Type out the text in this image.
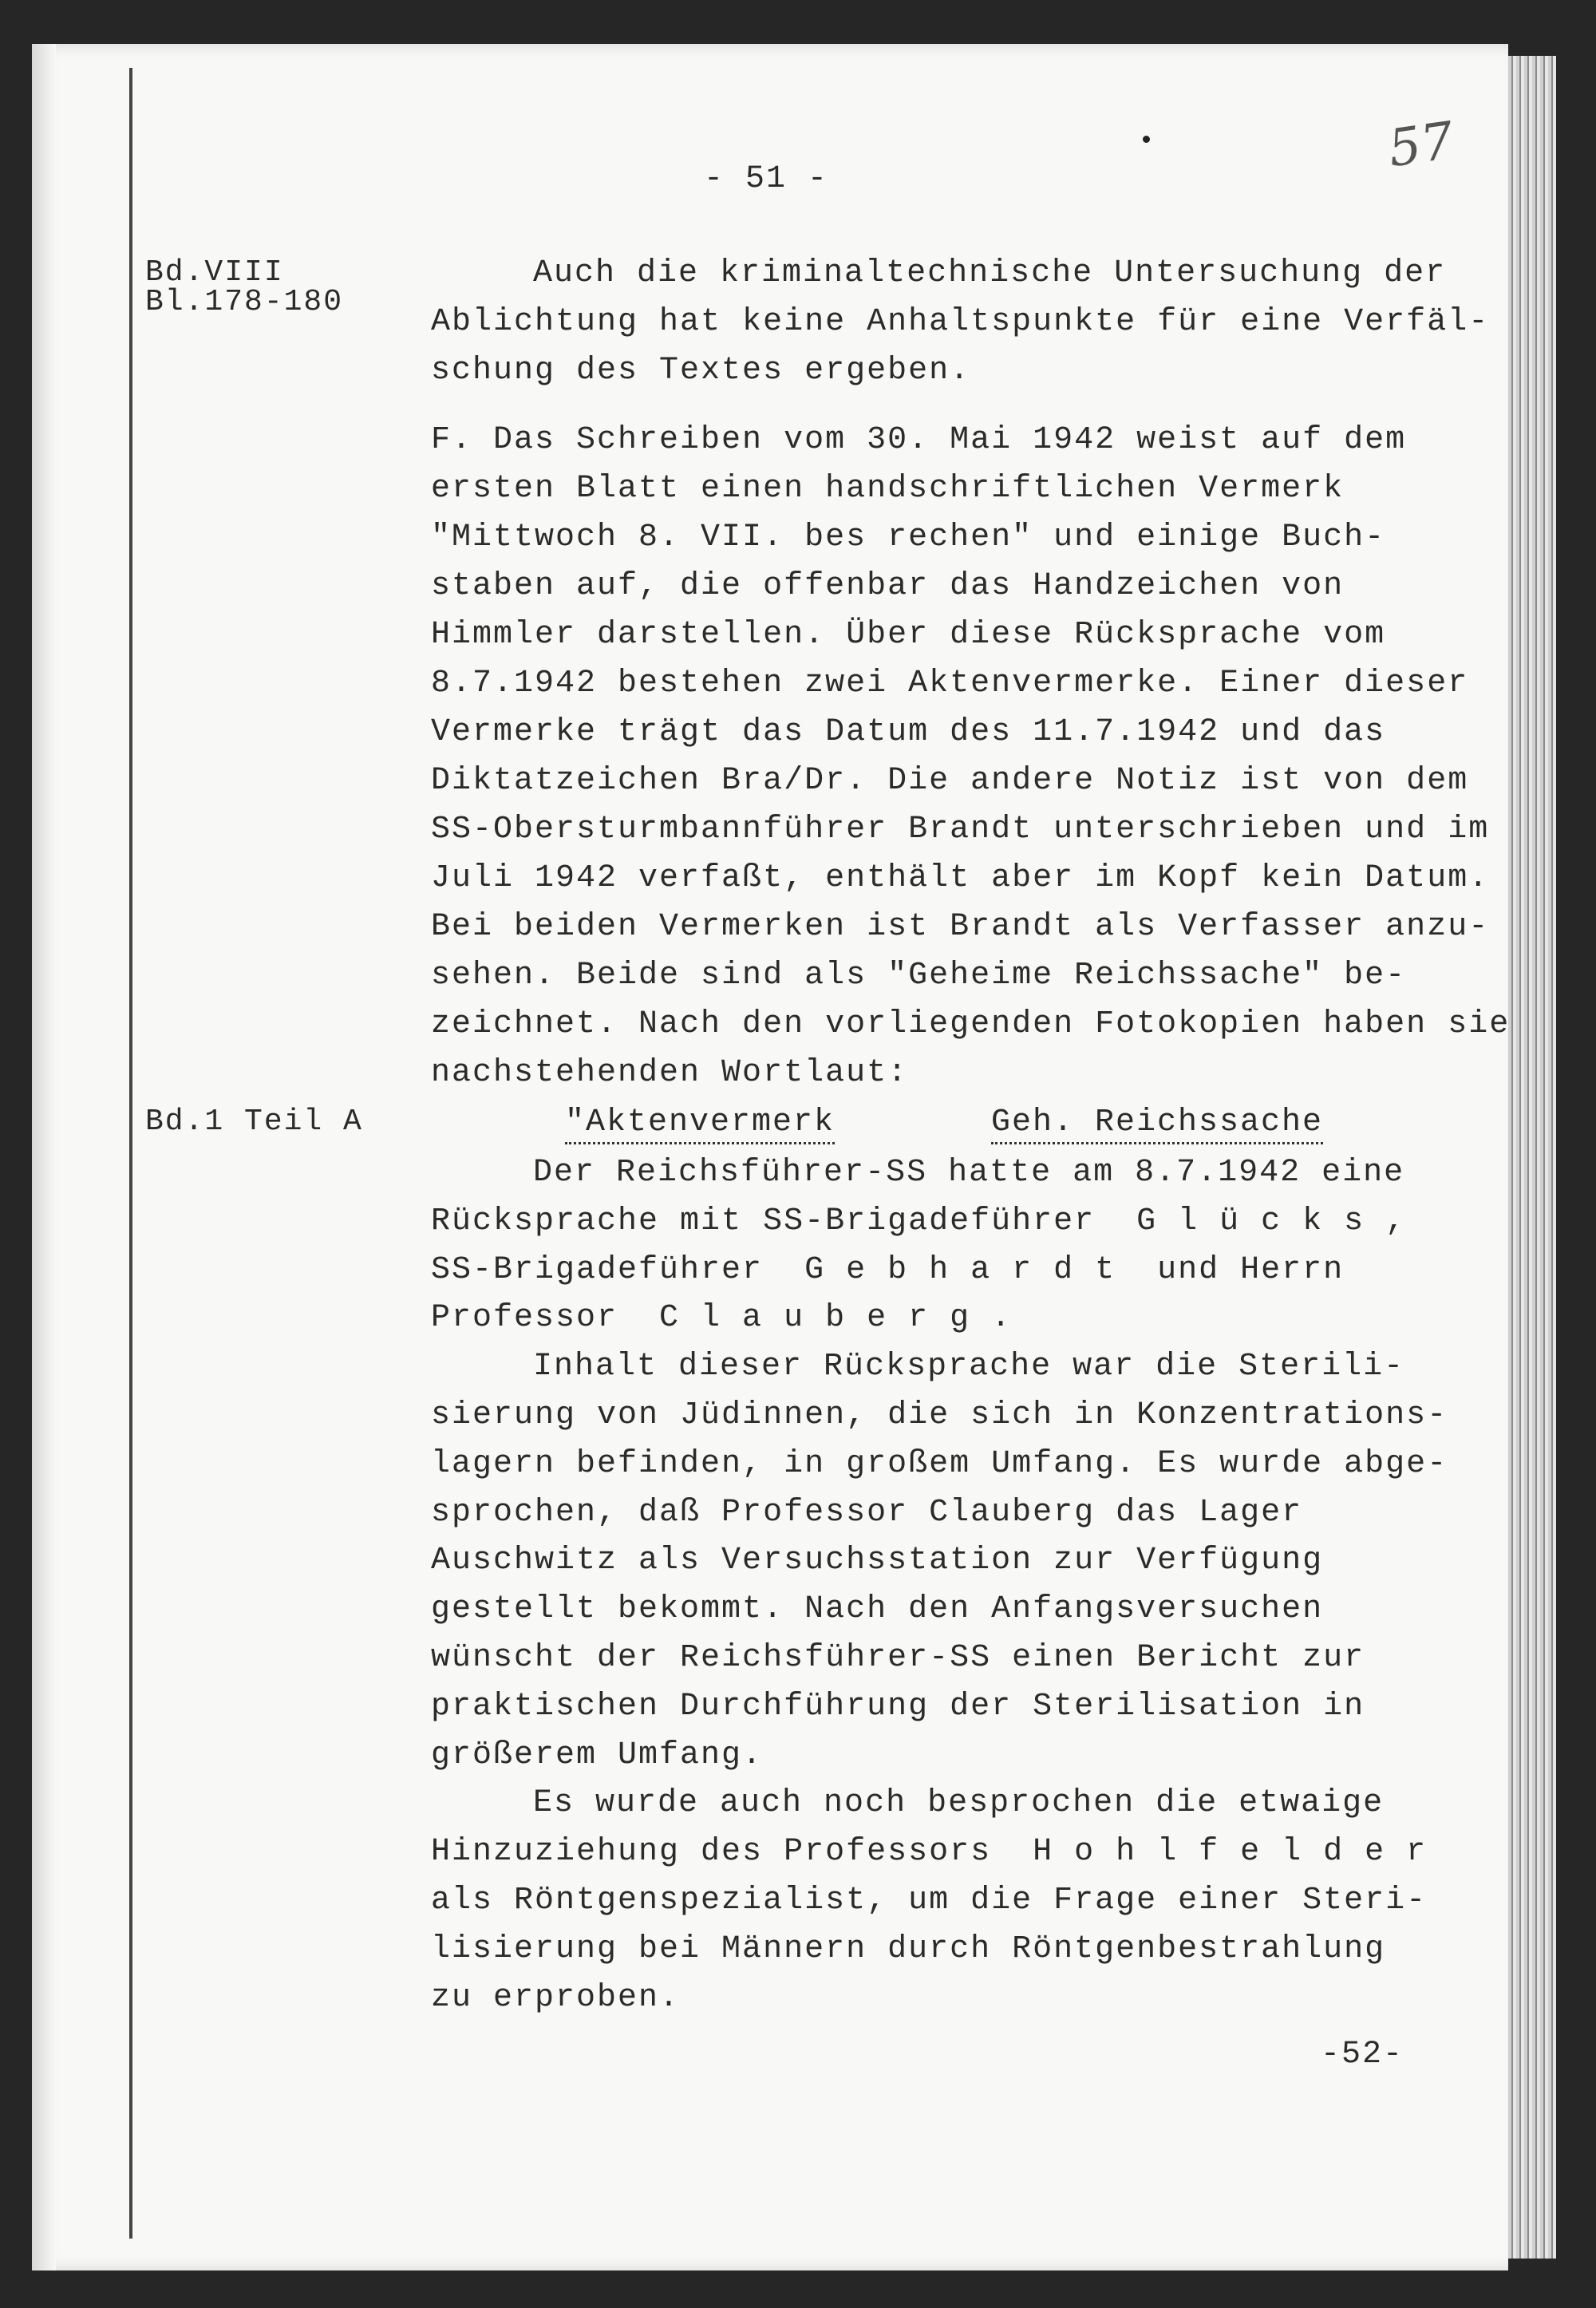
57
- 51 -
Bd.VIII
Bl.178-180
Bd.1 Teil A
Auch die kriminaltechnische Untersuchung der
Ablichtung hat keine Anhaltspunkte für eine Verfäl-
schung des Textes ergeben.
F. Das Schreiben vom 30. Mai 1942 weist auf dem
ersten Blatt einen handschriftlichen Vermerk
"Mittwoch 8. VII. bes rechen" und einige Buch-
staben auf, die offenbar das Handzeichen von
Himmler darstellen. Über diese Rücksprache vom
8.7.1942 bestehen zwei Aktenvermerke. Einer dieser
Vermerke trägt das Datum des 11.7.1942 und das
Diktatzeichen Bra/Dr. Die andere Notiz ist von dem
SS-Obersturmbannführer Brandt unterschrieben und im
Juli 1942 verfaßt, enthält aber im Kopf kein Datum.
Bei beiden Vermerken ist Brandt als Verfasser anzu-
sehen. Beide sind als "Geheime Reichssache" be-
zeichnet. Nach den vorliegenden Fotokopien haben sie
nachstehenden Wortlaut:
"Aktenvermerk	Geh. Reichssache
Der Reichsführer-SS hatte am 8.7.1942 eine
Rücksprache mit SS-Brigadeführer  G l ü c k s ,
SS-Brigadeführer  G e b h a r d t  und Herrn
Professor  C l a u b e r g .
Inhalt dieser Rücksprache war die Sterili-
sierung von Jüdinnen, die sich in Konzentrations-
lagern befinden, in großem Umfang. Es wurde abge-
sprochen, daß Professor Clauberg das Lager
Auschwitz als Versuchsstation zur Verfügung
gestellt bekommt. Nach den Anfangsversuchen
wünscht der Reichsführer-SS einen Bericht zur
praktischen Durchführung der Sterilisation in
größerem Umfang.
Es wurde auch noch besprochen die etwaige
Hinzuziehung des Professors  H o h l f e l d e r
als Röntgenspezialist, um die Frage einer Steri-
lisierung bei Männern durch Röntgenbestrahlung
zu erproben.
-52-
